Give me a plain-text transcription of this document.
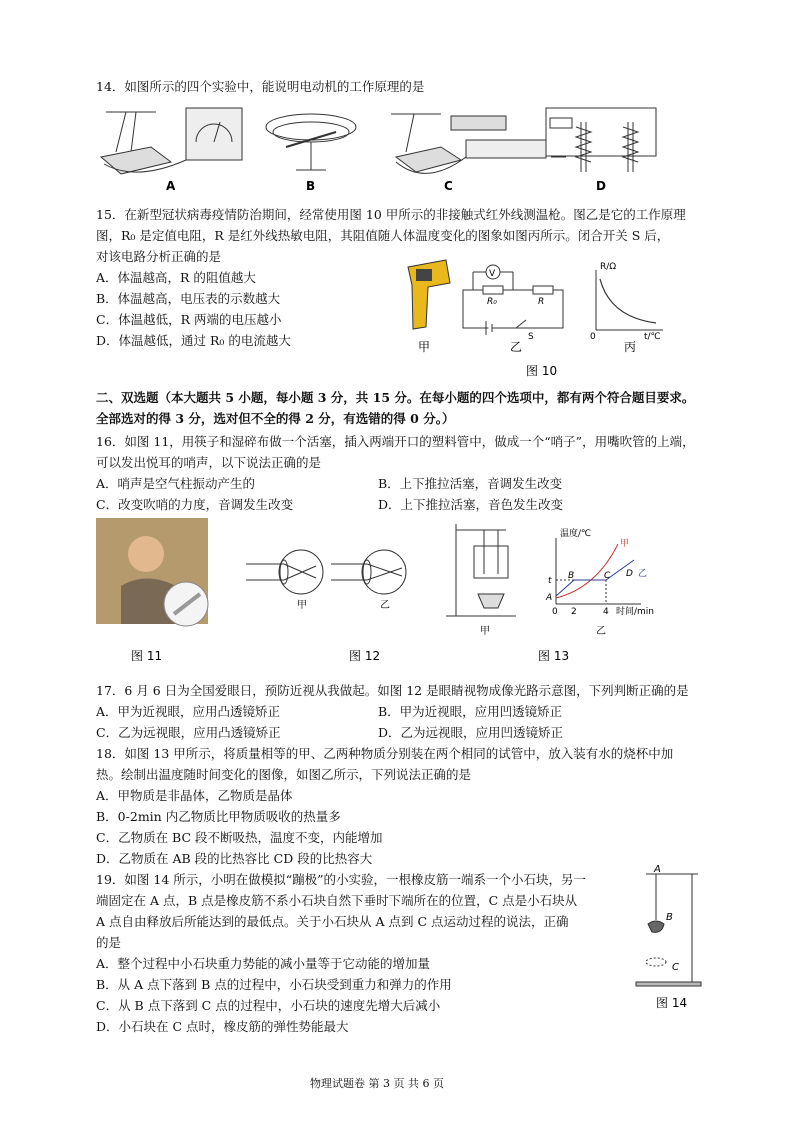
14．如图所示的四个实验中，能说明电动机的工作原理的是
A	B	C	D
15．在新型冠状病毒疫情防治期间，经常使用图 10 甲所示的非接触式红外线测温枪。图乙是它的工作原理
图，R₀ 是定值电阻，R 是红外线热敏电阻，其阻值随人体温度变化的图象如图丙所示。闭合开关 S 后，
对该电路分析正确的是
A．体温越高，R 的阻值越大
B．体温越高，电压表的示数越大
C．体温越低，R 两端的电压越小
D．体温越低，通过 R₀ 的电流越大	甲
V
R₀	R
S
乙
R/Ω
t/℃
0
丙
图 10
二、双选题（本大题共 5 小题，每小题 3 分，共 15 分。在每小题的四个选项中，都有两个符合题目要求。
全部选对的得 3 分，选对但不全的得 2 分，有选错的得 0 分。）
16．如图 11，用筷子和湿碎布做一个活塞，插入两端开口的塑料管中，做成一个“哨子”，用嘴吹管的上端，
可以发出悦耳的哨声，以下说法正确的是
A．哨声是空气柱振动产生的	B．上下推拉活塞，音调发生改变
C．改变吹哨的力度，音调发生改变	D．上下推拉活塞，音色发生改变
甲	乙
甲
温度/℃
甲
D 乙
t
A
B	C
0 2	4 时间/min
乙
图 11	图 12	图 13
17．6 月 6 日为全国爱眼日，预防近视从我做起。如图 12 是眼睛视物成像光路示意图，下列判断正确的是
A．甲为近视眼，应用凸透镜矫正	B．甲为近视眼，应用凹透镜矫正
C．乙为远视眼，应用凸透镜矫正	D．乙为远视眼，应用凹透镜矫正
18．如图 13 甲所示，将质量相等的甲、乙两种物质分别装在两个相同的试管中，放入装有水的烧杯中加
热。绘制出温度随时间变化的图像，如图乙所示，下列说法正确的是
A．甲物质是非晶体，乙物质是晶体
B．0-2min 内乙物质比甲物质吸收的热量多
C．乙物质在 BC 段不断吸热，温度不变，内能增加
D．乙物质在 AB 段的比热容比 CD 段的比热容大
19．如图 14 所示，小明在做模拟“蹦极”的小实验，一根橡皮筋一端系一个小石块，另一
端固定在 A 点，B 点是橡皮筋不系小石块自然下垂时下端所在的位置，C 点是小石块从
A 点自由释放后所能达到的最低点。关于小石块从 A 点到 C 点运动过程的说法，正确
的是
A．整个过程中小石块重力势能的减小量等于它动能的增加量
B．从 A 点下落到 B 点的过程中，小石块受到重力和弹力的作用
C．从 B 点下落到 C 点的过程中，小石块的速度先增大后减小
D．小石块在 C 点时，橡皮筋的弹性势能最大
A
B
C
图 14
物理试题卷 第 3 页 共 6 页
